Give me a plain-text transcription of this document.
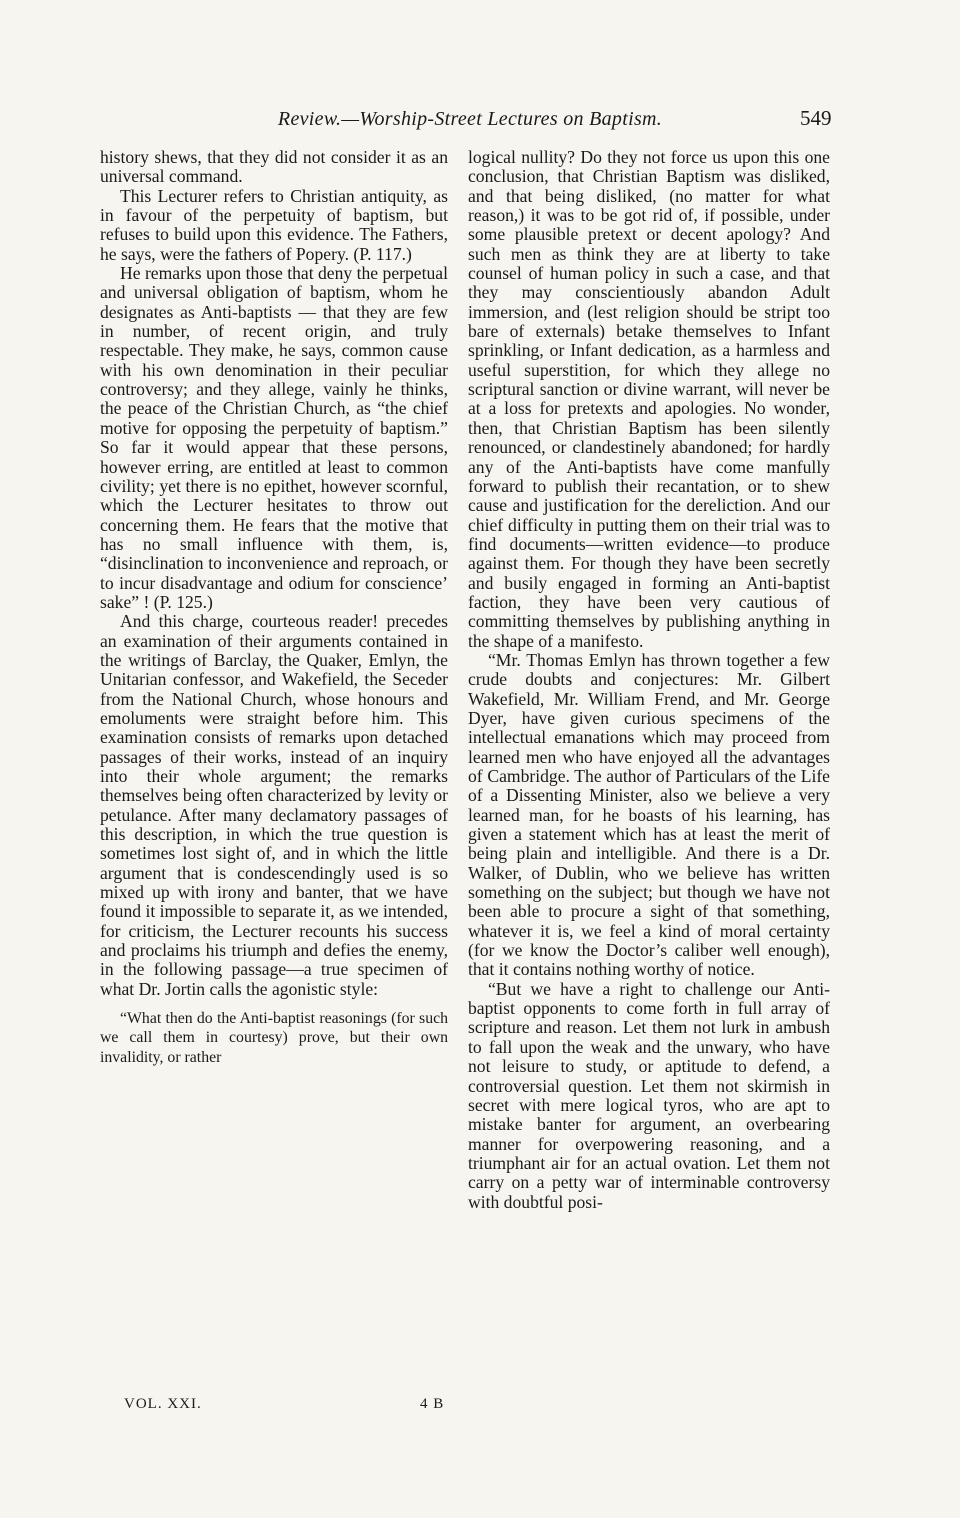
Review.—Worship-Street Lectures on Baptism.	549

history shews, that they did not consider it as an universal command.

This Lecturer refers to Christian antiquity, as in favour of the perpetuity of baptism, but refuses to build upon this evidence. The Fathers, he says, were the fathers of Popery. (P. 117.)

He remarks upon those that deny the perpetual and universal obligation of baptism, whom he designates as Anti-baptists — that they are few in number, of recent origin, and truly respectable. They make, he says, common cause with his own denomination in their peculiar controversy; and they allege, vainly he thinks, the peace of the Christian Church, as “the chief motive for opposing the perpetuity of baptism.” So far it would appear that these persons, however erring, are entitled at least to common civility; yet there is no epithet, however scornful, which the Lecturer hesitates to throw out concerning them. He fears that the motive that has no small influence with them, is, “disinclination to inconvenience and reproach, or to incur disadvantage and odium for conscience’ sake” ! (P. 125.)

And this charge, courteous reader! precedes an examination of their arguments contained in the writings of Barclay, the Quaker, Emlyn, the Unitarian confessor, and Wakefield, the Seceder from the National Church, whose honours and emoluments were straight before him. This examination consists of remarks upon detached passages of their works, instead of an inquiry into their whole argument; the remarks themselves being often characterized by levity or petulance. After many declamatory passages of this description, in which the true question is sometimes lost sight of, and in which the little argument that is condescendingly used is so mixed up with irony and banter, that we have found it impossible to separate it, as we intended, for criticism, the Lecturer recounts his success and proclaims his triumph and defies the enemy, in the following passage—a true specimen of what Dr. Jortin calls the agonistic style:

“What then do the Anti-baptist reasonings (for such we call them in courtesy) prove, but their own invalidity, or rather

logical nullity? Do they not force us upon this one conclusion, that Christian Baptism was disliked, and that being disliked, (no matter for what reason,) it was to be got rid of, if possible, under some plausible pretext or decent apology? And such men as think they are at liberty to take counsel of human policy in such a case, and that they may conscientiously abandon Adult immersion, and (lest religion should be stript too bare of externals) betake themselves to Infant sprinkling, or Infant dedication, as a harmless and useful superstition, for which they allege no scriptural sanction or divine warrant, will never be at a loss for pretexts and apologies. No wonder, then, that Christian Baptism has been silently renounced, or clandestinely abandoned; for hardly any of the Anti-baptists have come manfully forward to publish their recantation, or to shew cause and justification for the dereliction. And our chief difficulty in putting them on their trial was to find documents—written evidence—to produce against them. For though they have been secretly and busily engaged in forming an Anti-baptist faction, they have been very cautious of committing themselves by publishing anything in the shape of a manifesto.

“Mr. Thomas Emlyn has thrown together a few crude doubts and conjectures: Mr. Gilbert Wakefield, Mr. William Frend, and Mr. George Dyer, have given curious specimens of the intellectual emanations which may proceed from learned men who have enjoyed all the advantages of Cambridge. The author of Particulars of the Life of a Dissenting Minister, also we believe a very learned man, for he boasts of his learning, has given a statement which has at least the merit of being plain and intelligible. And there is a Dr. Walker, of Dublin, who we believe has written something on the subject; but though we have not been able to procure a sight of that something, whatever it is, we feel a kind of moral certainty (for we know the Doctor’s caliber well enough), that it contains nothing worthy of notice.

“But we have a right to challenge our Anti-baptist opponents to come forth in full array of scripture and reason. Let them not lurk in ambush to fall upon the weak and the unwary, who have not leisure to study, or aptitude to defend, a controversial question. Let them not skirmish in secret with mere logical tyros, who are apt to mistake banter for argument, an overbearing manner for overpowering reasoning, and a triumphant air for an actual ovation. Let them not carry on a petty war of interminable controversy with doubtful posi-

VOL. XXI.	4 B
